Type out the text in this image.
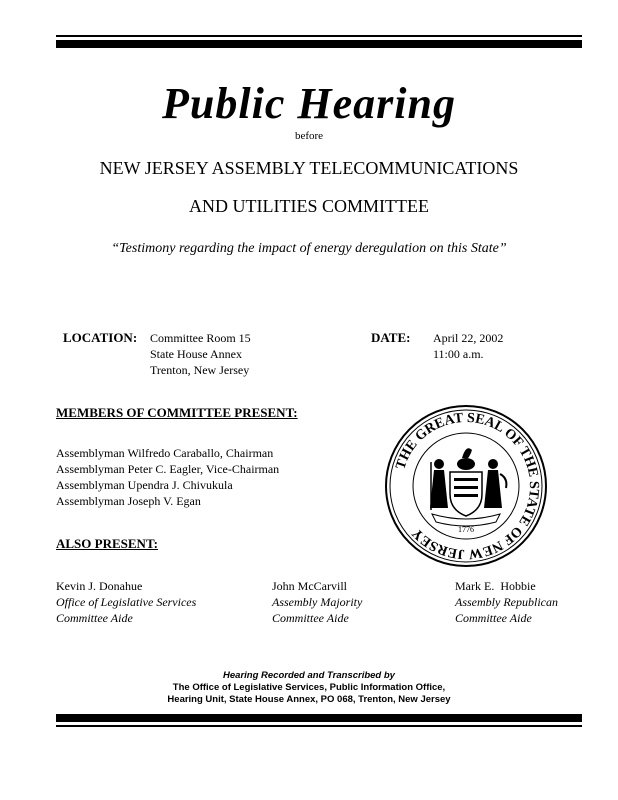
Public Hearing
before
NEW JERSEY ASSEMBLY TELECOMMUNICATIONS
AND UTILITIES COMMITTEE
“Testimony regarding the impact of energy deregulation on this State”
LOCATION: Committee Room 15
State House Annex
Trenton, New Jersey
DATE: April 22, 2002
11:00 a.m.
MEMBERS OF COMMITTEE PRESENT:
Assemblyman Wilfredo Caraballo, Chairman
Assemblyman Peter C. Eagler, Vice-Chairman
Assemblyman Upendra J. Chivukula
Assemblyman Joseph V. Egan
THE GREAT SEAL OF THE STATE OF NEW JERSEY	1776
ALSO PRESENT:
Kevin J. Donahue
Office of Legislative Services
Committee Aide
John McCarvill
Assembly Majority
Committee Aide
Mark E.  Hobbie
Assembly Republican
Committee Aide
Hearing Recorded and Transcribed by
The Office of Legislative Services, Public Information Office,
Hearing Unit, State House Annex, PO 068, Trenton, New Jersey
